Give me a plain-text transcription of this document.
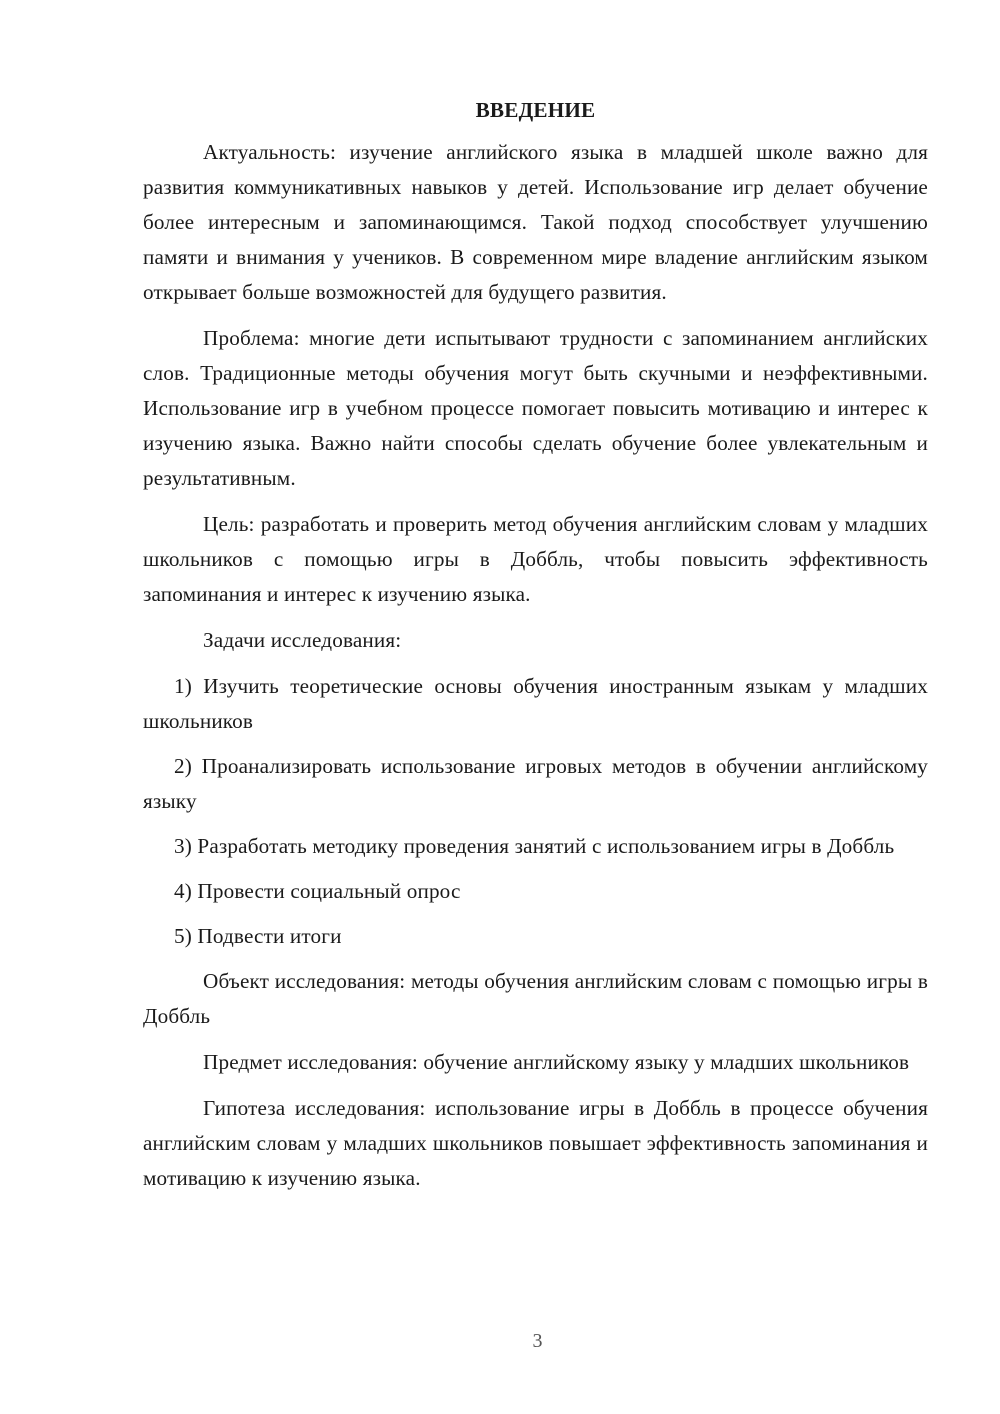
ВВЕДЕНИЕ

Актуальность: изучение английского языка в младшей школе важно для развития коммуникативных навыков у детей. Использование игр делает обучение более интересным и запоминающимся. Такой подход способствует улучшению памяти и внимания у учеников. В современном мире владение английским языком открывает больше возможностей для будущего развития.

Проблема: многие дети испытывают трудности с запоминанием английских слов. Традиционные методы обучения могут быть скучными и неэффективными. Использование игр в учебном процессе помогает повысить мотивацию и интерес к изучению языка. Важно найти способы сделать обучение более увлекательным и результативным.

Цель: разработать и проверить метод обучения английским словам у младших школьников с помощью игры в Доббль, чтобы повысить эффективность запоминания и интерес к изучению языка.

Задачи исследования:

1) Изучить теоретические основы обучения иностранным языкам у младших школьников

2) Проанализировать использование игровых методов в обучении английскому языку

3) Разработать методику проведения занятий с использованием игры в Доббль

4) Провести социальный опрос

5) Подвести итоги

Объект исследования: методы обучения английским словам с помощью игры в Доббль

Предмет исследования: обучение английскому языку у младших школьников

Гипотеза исследования: использование игры в Доббль в процессе обучения английским словам у младших школьников повышает эффективность запоминания и мотивацию к изучению языка.

3
